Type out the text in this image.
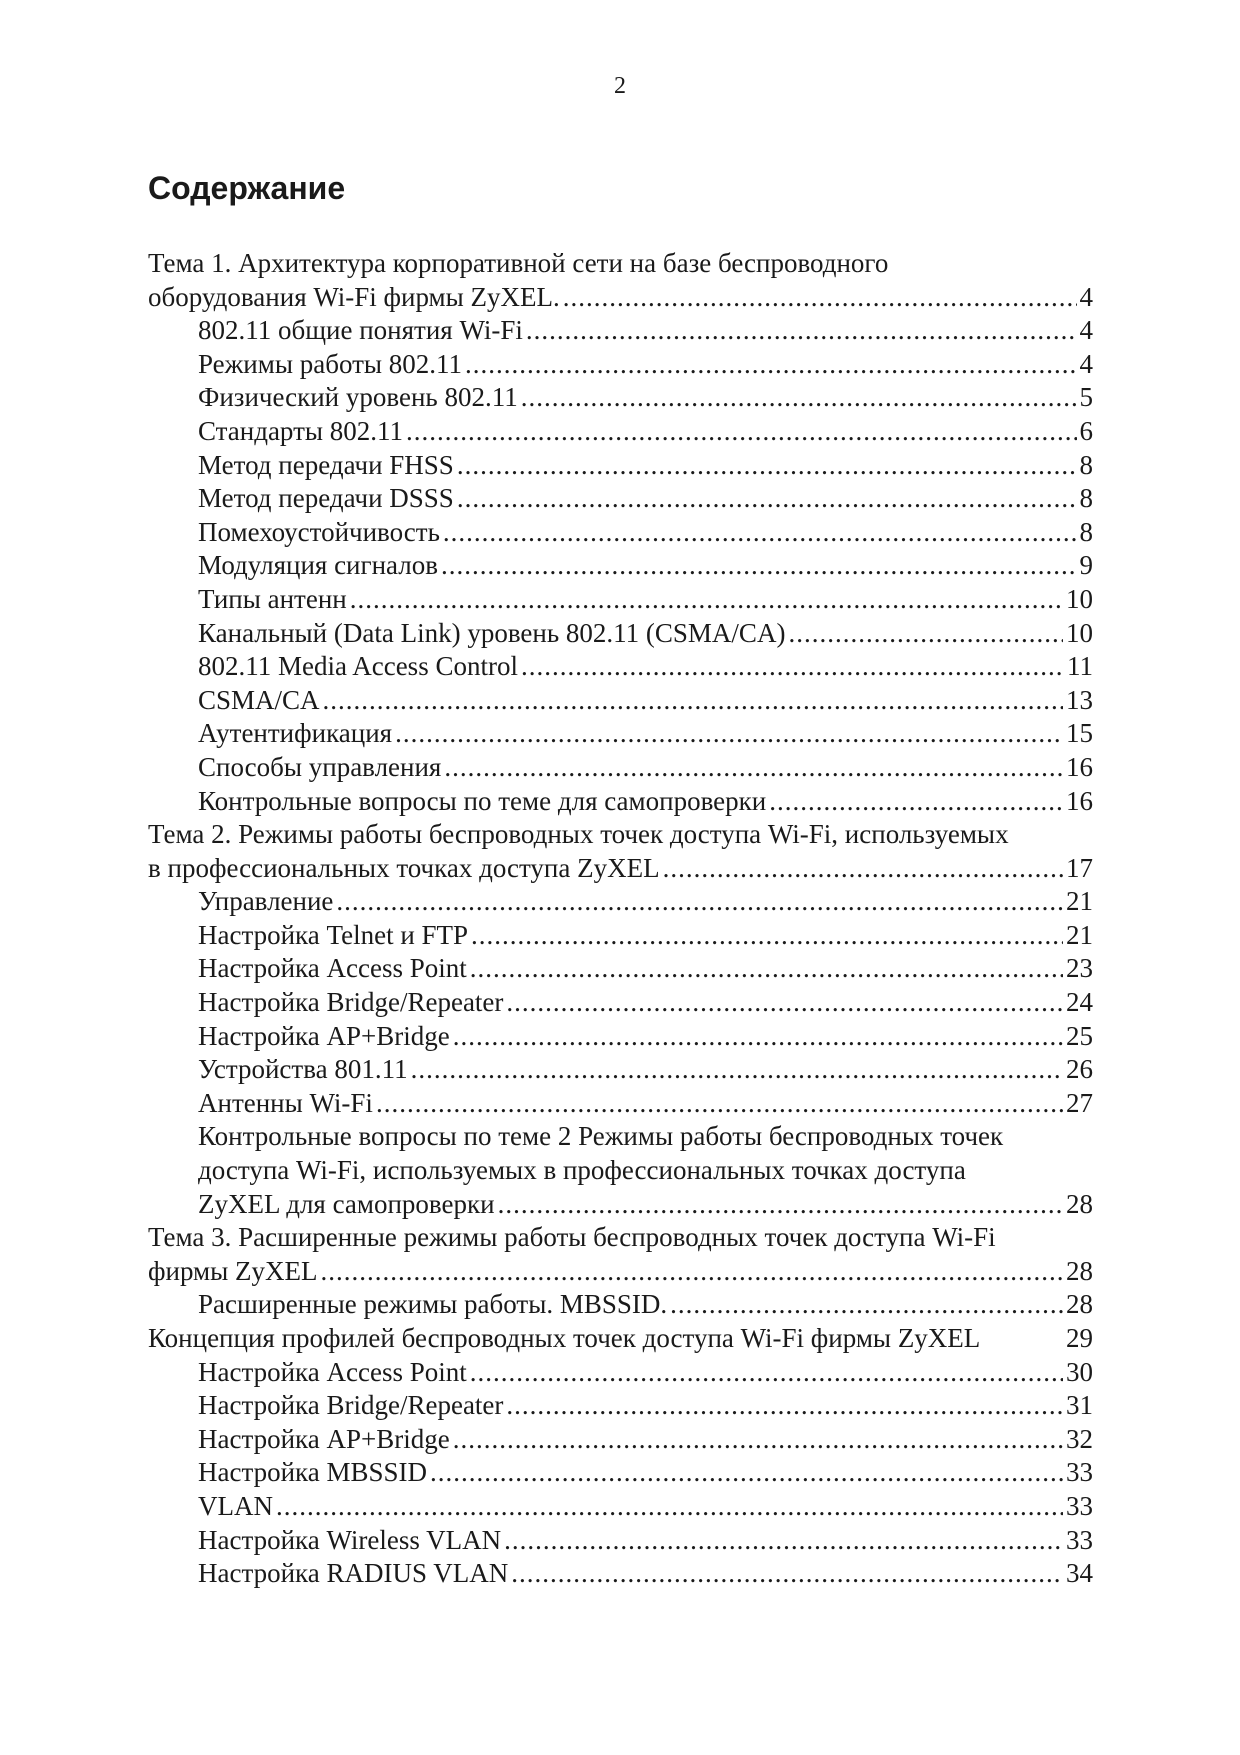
2
Содержание
Тема 1. Архитектура корпоративной сети на базе беспроводного
оборудования Wi-Fi фирмы ZyXEL. .....	4
802.11 общие понятия Wi-Fi .....	4
Режимы работы 802.11 .....	4
Физический уровень 802.11 .....	5
Стандарты 802.11 .....	6
Метод передачи FHSS .....	8
Метод передачи DSSS .....	8
Помехоустойчивость .....	8
Модуляция сигналов .....	9
Типы антенн .....	10
Канальный (Data Link) уровень 802.11 (CSMA/CA) .....	10
802.11 Media Access Control .....	11
CSMA/CA .....	13
Аутентификация .....	15
Способы управления .....	16
Контрольные вопросы по теме для самопроверки .....	16
Тема 2. Режимы работы беспроводных точек доступа Wi-Fi, используемых
в профессиональных точках доступа ZyXEL .....	17
Управление .....	21
Настройка Telnet и FTP .....	21
Настройка Access Point .....	23
Настройка Bridge/Repeater .....	24
Настройка AP+Bridge .....	25
Устройства 801.11 .....	26
Антенны Wi-Fi .....	27
Контрольные вопросы по теме 2 Режимы работы беспроводных точек
доступа Wi-Fi, используемых в профессиональных точках доступа
ZyXEL для самопроверки .....	28
Тема 3. Расширенные режимы работы беспроводных точек доступа Wi-Fi
фирмы ZyXEL .....	28
Расширенные режимы работы. MBSSID. .....	28
Концепция профилей беспроводных точек доступа Wi-Fi фирмы ZyXEL	29
Настройка Access Point .....	30
Настройка Bridge/Repeater .....	31
Настройка AP+Bridge .....	32
Настройка MBSSID .....	33
VLAN .....	33
Настройка Wireless VLAN .....	33
Настройка RADIUS VLAN .....	34
